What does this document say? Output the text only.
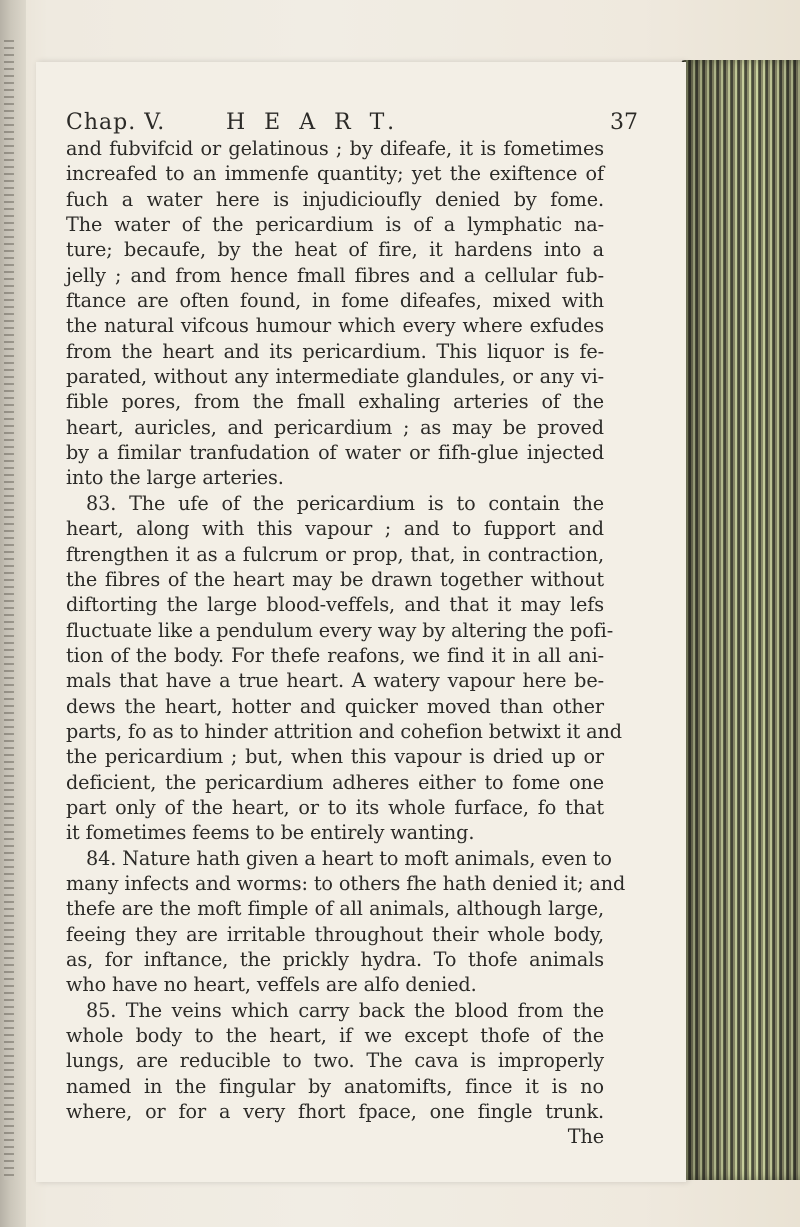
Chap. V.	H E A R T.	37
and fubvifcid or gelatinous ; by difeafe, it is fometimes
increafed to an immenfe quantity; yet the exiftence of
fuch a water here is injudicioufly denied by fome.
The water of the pericardium is of a lymphatic na-
ture; becaufe, by the heat of fire, it hardens into a
jelly ; and from hence fmall fibres and a cellular fub-
ftance are often found, in fome difeafes, mixed with
the natural vifcous humour which every where exfudes
from the heart and its pericardium. This liquor is fe-
parated, without any intermediate glandules, or any vi-
fible pores, from the fmall exhaling arteries of the
heart, auricles, and pericardium ; as may be proved
by a fimilar tranfudation of water or fifh-glue injected
into the large arteries.
83. The ufe of the pericardium is to contain the
heart, along with this vapour ; and to fupport and
ftrengthen it as a fulcrum or prop, that, in contraction,
the fibres of the heart may be drawn together without
diftorting the large blood-veffels, and that it may lefs
fluctuate like a pendulum every way by altering the pofi-
tion of the body. For thefe reafons, we find it in all ani-
mals that have a true heart. A watery vapour here be-
dews the heart, hotter and quicker moved than other
parts, fo as to hinder attrition and cohefion betwixt it and
the pericardium ; but, when this vapour is dried up or
deficient, the pericardium adheres either to fome one
part only of the heart, or to its whole furface, fo that
it fometimes feems to be entirely wanting.
84. Nature hath given a heart to moft animals, even to
many infects and worms: to others fhe hath denied it; and
thefe are the moft fimple of all animals, although large,
feeing they are irritable throughout their whole body,
as, for inftance, the prickly hydra. To thofe animals
who have no heart, veffels are alfo denied.
85. The veins which carry back the blood from the
whole body to the heart, if we except thofe of the
lungs, are reducible to two. The cava is improperly
named in the fingular by anatomifts, fince it is no
where, or for a very fhort fpace, one fingle trunk.
The
